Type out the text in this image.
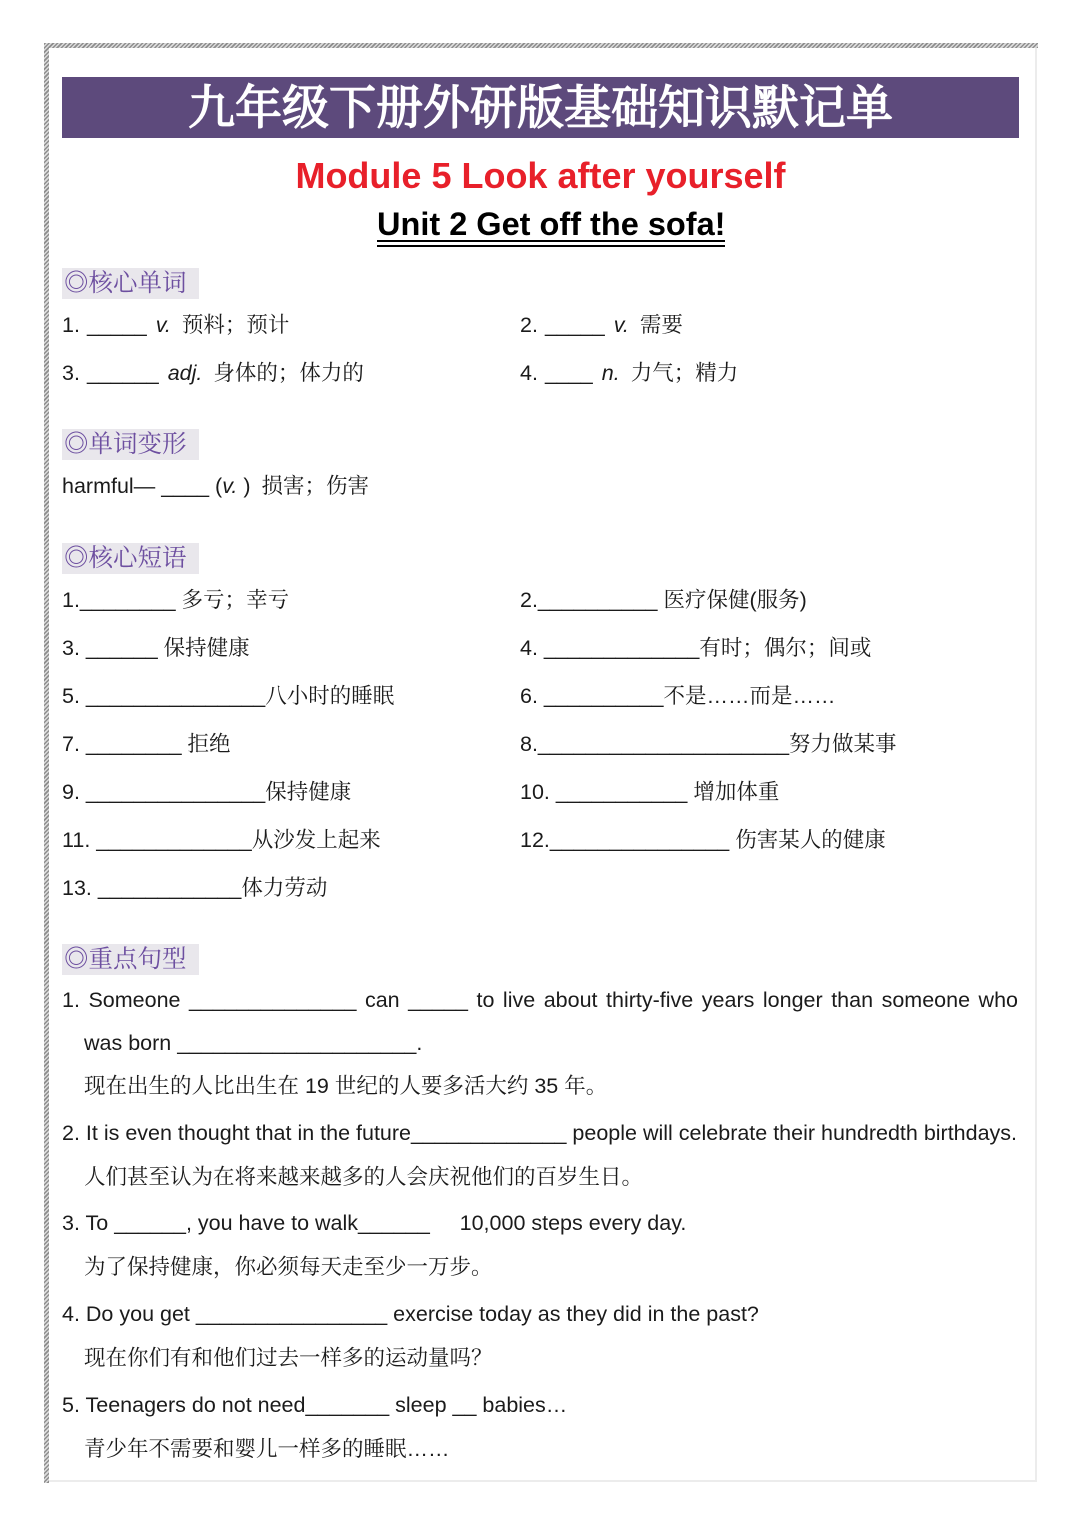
九年级下册外研版基础知识默记单
Module 5 Look after yourself
Unit 2 Get off the sofa!
◎核心单词
1. _____ v. 预料；预计	2. _____ v. 需要
3. ______ adj. 身体的；体力的	4. ____ n. 力气；精力
◎单词变形
harmful— ____ ( v. ) 损害；伤害
◎核心短语
1.________ 多亏；幸亏	2.__________ 医疗保健(服务)
3. ______ 保持健康	4. _____________有时；偶尔；间或
5. _______________八小时的睡眠	6. __________不是……而是……
7. ________ 拒绝	8._____________________努力做某事
9. _______________保持健康	10. ___________ 增加体重
11. _____________从沙发上起来	12._______________ 伤害某人的健康
13. ____________体力劳动
◎重点句型
1. Someone ______________ can _____ to live about thirty-five years longer than someone who
was born ____________________.
现在出生的人比出生在 19 世纪的人要多活大约 35 年。
2. It is even thought that in the future_____________ people will celebrate their hundredth birthdays.
人们甚至认为在将来越来越多的人会庆祝他们的百岁生日。
3. To ______, you have to walk______     10,000 steps every day.
为了保持健康，你必须每天走至少一万步。
4. Do you get ________________ exercise today as they did in the past?
现在你们有和他们过去一样多的运动量吗？
5. Teenagers do not need_______ sleep __ babies…
青少年不需要和婴儿一样多的睡眠……
